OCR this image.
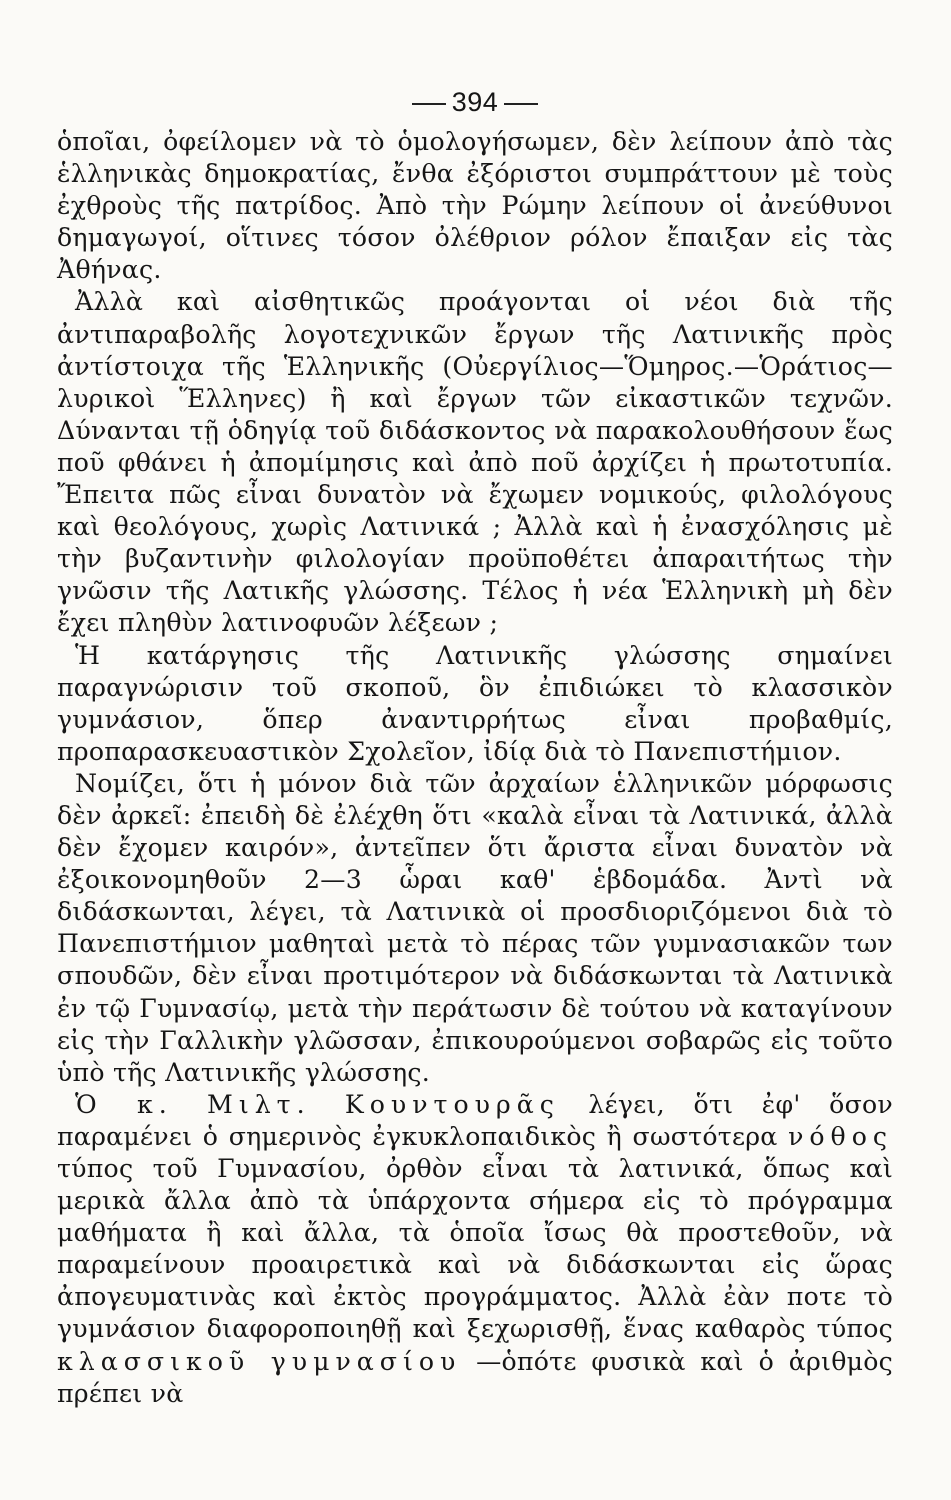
394

ὁποῖαι, ὀφείλομεν νὰ τὸ ὁμολογήσωμεν, δὲν λείπουν ἀπὸ τὰς ἑλληνικὰς δημοκρατίας, ἔνθα ἐξόριστοι συμπράττουν μὲ τοὺς ἐχθροὺς τῆς πατρίδος. Ἀπὸ τὴν Ρώμην λείπουν οἱ ἀνεύθυνοι δημαγωγοί, οἵτινες τόσον ὀλέθριον ρόλον ἔπαιξαν εἰς τὰς Ἀθήνας.

Ἀλλὰ καὶ αἰσθητικῶς προάγονται οἱ νέοι διὰ τῆς ἀντιπαραβολῆς λογοτεχνικῶν ἔργων τῆς Λατινικῆς πρὸς ἀντίστοιχα τῆς Ἑλληνικῆς (Οὐεργίλιος—Ὅμηρος.—Ὁράτιος—λυρικοὶ Ἕλληνες) ἢ καὶ ἔργων τῶν εἰκαστικῶν τεχνῶν. Δύνανται τῇ ὁδηγίᾳ τοῦ διδάσκοντος νὰ παρακολουθήσουν ἕως ποῦ φθάνει ἡ ἀπομίμησις καὶ ἀπὸ ποῦ ἀρχίζει ἡ πρωτοτυπία. Ἔπειτα πῶς εἶναι δυνατὸν νὰ ἔχωμεν νομικούς, φιλολόγους καὶ θεολόγους, χωρὶς Λατινικά ; Ἀλλὰ καὶ ἡ ἐνασχόλησις μὲ τὴν βυζαντινὴν φιλολογίαν προϋποθέτει ἀπαραιτήτως τὴν γνῶσιν τῆς Λατικῆς γλώσσης. Τέλος ἡ νέα Ἑλληνικὴ μὴ δὲν ἔχει πληθὺν λατινοφυῶν λέξεων ;

Ἡ κατάργησις τῆς Λατινικῆς γλώσσης σημαίνει παραγνώρισιν τοῦ σκοποῦ, ὃν ἐπιδιώκει τὸ κλασσικὸν γυμνάσιον, ὅπερ ἀναντιρρήτως εἶναι προβαθμίς, προπαρασκευαστικὸν Σχολεῖον, ἰδίᾳ διὰ τὸ Πανεπιστήμιον.

Νομίζει, ὅτι ἡ μόνον διὰ τῶν ἀρχαίων ἑλληνικῶν μόρφωσις δὲν ἀρκεῖ: ἐπειδὴ δὲ ἐλέχθη ὅτι «καλὰ εἶναι τὰ Λατινικά, ἀλλὰ δὲν ἔχομεν καιρόν», ἀντεῖπεν ὅτι ἄριστα εἶναι δυνατὸν νὰ ἐξοικονομηθοῦν 2—3 ὧραι καθ' ἑβδομάδα. Ἀντὶ νὰ διδάσκωνται, λέγει, τὰ Λατινικὰ οἱ προσδιοριζόμενοι διὰ τὸ Πανεπιστήμιον μαθηταὶ μετὰ τὸ πέρας τῶν γυμνασιακῶν των σπουδῶν, δὲν εἶναι προτιμότερον νὰ διδάσκωνται τὰ Λατινικὰ ἐν τῷ Γυμνασίῳ, μετὰ τὴν περάτωσιν δὲ τούτου νὰ καταγίνουν εἰς τὴν Γαλλικὴν γλῶσσαν, ἐπικουρούμενοι σοβαρῶς εἰς τοῦτο ὑπὸ τῆς Λατινικῆς γλώσσης.

Ὁ κ. Μιλτ. Κουντουρᾶς λέγει, ὅτι ἐφ' ὅσον παραμένει ὁ σημερινὸς ἐγκυκλοπαιδικὸς ἢ σωστότερα νόθος τύπος τοῦ Γυμνασίου, ὀρθὸν εἶναι τὰ λατινικά, ὅπως καὶ μερικὰ ἄλλα ἀπὸ τὰ ὑπάρχοντα σήμερα εἰς τὸ πρόγραμμα μαθήματα ἢ καὶ ἄλλα, τὰ ὁποῖα ἴσως θὰ προστεθοῦν, νὰ παραμείνουν προαιρετικὰ καὶ νὰ διδάσκωνται εἰς ὥρας ἀπογευματινὰς καὶ ἐκτὸς προγράμματος. Ἀλλὰ ἐὰν ποτε τὸ γυμνάσιον διαφοροποιηθῇ καὶ ξεχωρισθῇ, ἕνας καθαρὸς τύπος κλασσικοῦ γυμνασίου —ὁπότε φυσικὰ καὶ ὁ ἀριθμὸς πρέπει νὰ
